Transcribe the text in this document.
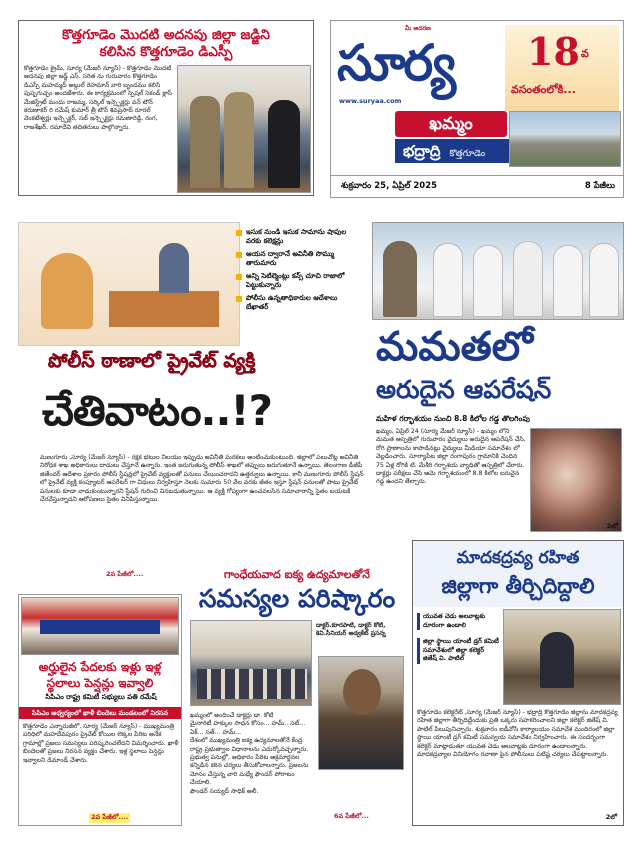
కొత్తగూడెం మొదటి అదనపు జిల్లా జడ్జిని
కలిసిన కొత్తగూడెం డిఎస్పీ
కొత్తగూడెం క్రైమ్, సూర్య (మేజర్ న్యూస్) - కొత్తగూడెం మొదటి అదనపు జిల్లా జడ్జ్ ఎస్. సరిత ను గురువారం కొత్తగూడెం డిఎస్పీ మహమ్మద్ అబ్దుల్ రెహమాన్ వారి బృందము కలిసి పుష్పగుచ్చం అందజేశారు. ఈ కార్యక్రమంలో స్పెషల్ సెకండ్ క్లాస్ మేజిస్ట్రేట్ మందు రాజమ్మ, సర్కిల్ ఇన్స్పెక్టర్లు వన్ టౌన్ కరుణాకర్ రి రమేష్ కుమార్ త్రీ టౌన్ శివప్రసాద్ రూరల్ వెంకటేశ్వర్లు ఇన్స్పెక్టర్, సబ్ ఇన్స్పెక్టర్లు రమణారెడ్డి, రంగ, రాజశేఖర్, రమాదేవి తదితరులు పాల్గొన్నారు.
మీ ఆదరణ
సూర్య
www.suryaa.com
18 వ
వసంతంలోకి...
ఖమ్మం
భద్రాద్రి కొత్తగూడెం
శుక్రవారం 25, ఏప్రిల్ 2025	8 పేజీలు
ఇసుక నుండి ఇసుక సామాను షాపుల వరకు కలెక్షన్లు
ఆయన ద్వారానే అవినీతి సొమ్ము తారుమారు
అన్ని సెటిల్మెంట్లు కన్స్ చూచి రాజాలో పెట్టుకున్నారు
పోలీసు ఉన్నతాధికారుల ఆదేశాలు బేఖాతర్
పోలీస్ ఠాణాలో ప్రైవేట్ వ్యక్తి
చేతివాటం..!?
మణుగూరు ,సూర్య (మేజర్ న్యూస్) - రక్షక భటుల నిలయం ఇప్పుడు అవినీతి మరకలు అంటించుకుంటుంది. జిల్లాలో పలుచోట్ల అవినీతి నిరోధక శాఖ అధికారులు దాడులు చేస్తూనే ఉన్నారు. ఇంత జరుగుతున్న పోలీస్ శాఖలో తప్పులు జరుగుతూనే ఉన్నాయి. తెలంగాణ డీజీపీ జితేందర్ ఆదేశాల ప్రకారం పోలీస్ స్టేషన్లలో ప్రైవేట్ వ్యక్తులతో పనులు చేయించరాదని ఉత్తర్వులు ఉన్నాయి. కానీ మణుగూరు పోలీస్ స్టేషన్ లో ప్రైవేట్ వ్యక్తి కంప్యూటర్ ఆపరేటర్ గా విధులు నిర్వహిస్తూ నెలకు సుమారు 50 వేల వరకు జీతం ఇస్తూ స్టేషన్ పనులతో పాటు ప్రైవేట్ పనులకు కూడా వాడుకుంటున్నారని స్టేషన్ గురించి వినబడుతున్నాయి. ఆ వ్యక్తి గోప్యంగా ఉంచవలసిన సమాచారాన్ని సైతం బయటకి చేరవేస్తున్నాడని ఆరోపణలు సైతం వినిపిస్తున్నాయి.
2వ పేజీలో....
మమతలో
అరుదైన ఆపరేషన్
మహిళ గర్భాశయం నుంచి 8.8 కిలోల గడ్డ తొలగింపు
ఖమ్మం, ఏప్రిల్ 24 (సూర్య మేజర్ న్యూస్) - ఖమ్మం లోని మమత ఆస్పత్రిలో గురువారం వైద్యులు అరుదైన ఆపరేషన్ చేసి, రోగి ప్రాణాలను కాపాడినట్లు వైద్యులు మీడియా సమావేశం లో వెల్లడించారు. సూర్యాపేట జిల్లా రంగాపురం గ్రామానికి చెందిన 75 ఏళ్ల రోగికి టి. మేశీరి గర్భాశయ వ్యాధితో ఆస్పత్రిలో చేరారు. డాక్టర్లు పరీక్షలు చేసి ఆమె గర్భాశయంలో 8.8 కిలోల బరువైన గడ్డ ఉందని తేల్చారు.
2లో
మాదకద్రవ్య రహిత
జిల్లాగా తీర్చిదిద్దాలి
యువత చెడు అలవాట్లకు దూరంగా ఉండాలి
జిల్లా స్థాయి యాంటీ డ్రగ్ కమిటీ సమావేశంలో జిల్లా కలెక్టర్ జితేష్ వి. పాటిల్
కొత్తగూడెం కలెక్టరేట్ ,సూర్య (మేజర్ న్యూస్) - భద్రాద్రి కొత్తగూడెం జిల్లాను మాదకద్రవ్య రహిత జిల్లాగా తీర్చిదిద్దేందుకు ప్రతి ఒక్కరు సహకరించాలని జిల్లా కలెక్టర్ జితేష్ వి. పాటిల్ పిలుపునిచ్చారు. శుక్రవారం ఐడీవోసి కార్యాలయం సమావేశ మందిరంలో జిల్లా స్థాయి యాంటీ డ్రగ్ కమిటీ సమన్వయ సమావేశం నిర్వహించారు. ఈ సందర్భంగా కలెక్టర్ మాట్లాడుతూ యువత చెడు అలవాట్లకు దూరంగా ఉండాలన్నారు. మాదకద్రవ్యాల వినియోగం రవాణా పైన పోలీసులు పటిష్ట చర్యలు చేపట్టాలన్నారు.
2లో
గాంధేయవాద ఐక్య ఉద్యమాలతోనే
సమస్యల పరిష్కారం
డాక్టర్.కూరపాటి, డాక్టర్ కోటి, కెవి.సీనియర్ అడ్వకేట్ ప్రసన్న
ఖమ్మంలో అందించే డాక్టర్లు డా. కోటి
మైనారిటీ హక్కుల సాధన కోసం... హమ్.. సట్...
ఏక్... సత్... హమ్...
దేశంలో ముఖ్యమంత్రి ఐక్య ఉద్యమాలతోనే కేంద్ర రాష్ట్ర ప్రభుత్వాల విధానాలను ఎదుర్కోవచ్చన్నారు.
ప్రభుత్వ పనుల్లో, అధికారం పేరిట అక్రమార్జనల కన్నిడిన కఠిన చర్యలు తీసుకోవాలన్నారు. ప్రజలను మోసం చేస్తున్న వారి మధ్యే ఫౌండర్ పోరాటం చేయాలి.
ఫౌండర్ సయ్యద్ సాధిక్ అలీ.
6వ పేజీలో...
అర్హులైన పేదలకు ఇళ్లు ఇళ్ల
స్థలాలు పెన్షన్లు ఇవ్వాలి
సిపిఎం రాష్ట్ర కమిటీ సభ్యులు పతి రమేష్
సిపిఎం ఆధ్వర్యంలో ఖాళీ బిందెలు మండలంలో నిరసన
కొత్తగూడెం ఎన్నారుజీలో, సూర్య (మేజర్ న్యూస్) - ముఖ్యమంత్రి పరిధిలో మహదేవపురం ప్రైవేట్ కోయిల లెక్కల పేరిట అనేక గ్రామాల్లో ప్రజలు సమస్యలు పరిష్కరించలేదని విమర్శించారు. ఖాళీ బిందెలతో ప్రజలు నిరసన వ్యక్తం చేశారు. ఇళ్ల స్థలాలు పెన్షన్లు ఇవ్వాలని డిమాండ్ చేశారు.
2వ పేజీలో....
